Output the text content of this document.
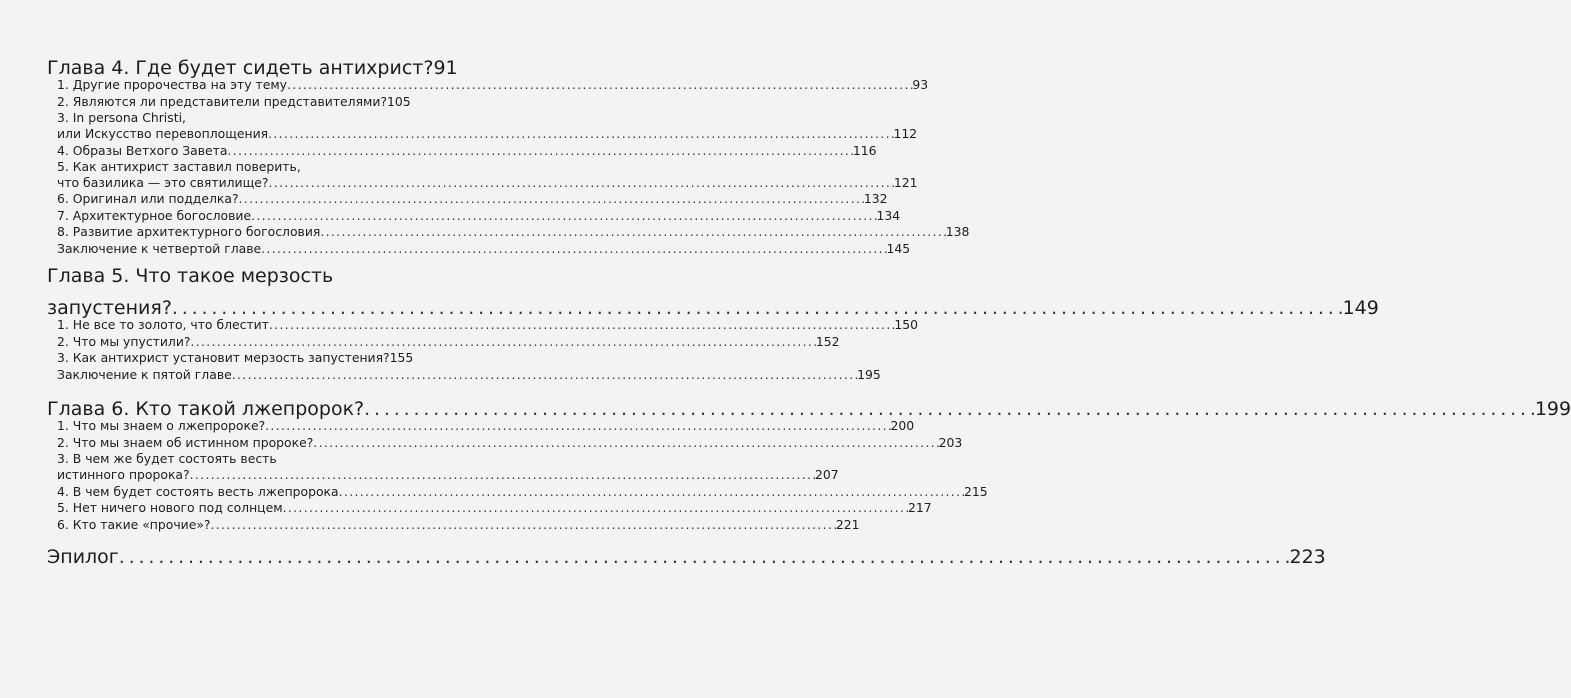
Глава 4. Где будет сидеть антихрист? 91
1. Другие пророчества на эту тему . . .	93
2. Являются ли представители представителями? 105
3. In persona Christi,
или Искусство перевоплощения . . .	112
4. Образы Ветхого Завета . . .	116
5. Как антихрист заставил поверить,
что базилика — это святилище? . . .	121
6. Оригинал или подделка? . . .	132
7. Архитектурное богословие . . .	134
8. Развитие архитектурного богословия . . .	138
Заключение к четвертой главе . . .	145
Глава 5. Что такое мерзость
запустения? . . .	149
1. Не все то золото, что блестит . . .	150
2. Что мы упустили? . . .	152
3. Как антихрист установит мерзость запустения? 155
Заключение к пятой главе . . .	195
Глава 6. Кто такой лжепророк? . . .	199
1. Что мы знаем о лжепророке? . . .	200
2. Что мы знаем об истинном пророке? . . .	203
3. В чем же будет состоять весть
истинного пророка? . . .	207
4. В чем будет состоять весть лжепророка . . .	215
5. Нет ничего нового под солнцем . . .	217
6. Кто такие «прочие»? . . .	221
Эпилог . . .	223
